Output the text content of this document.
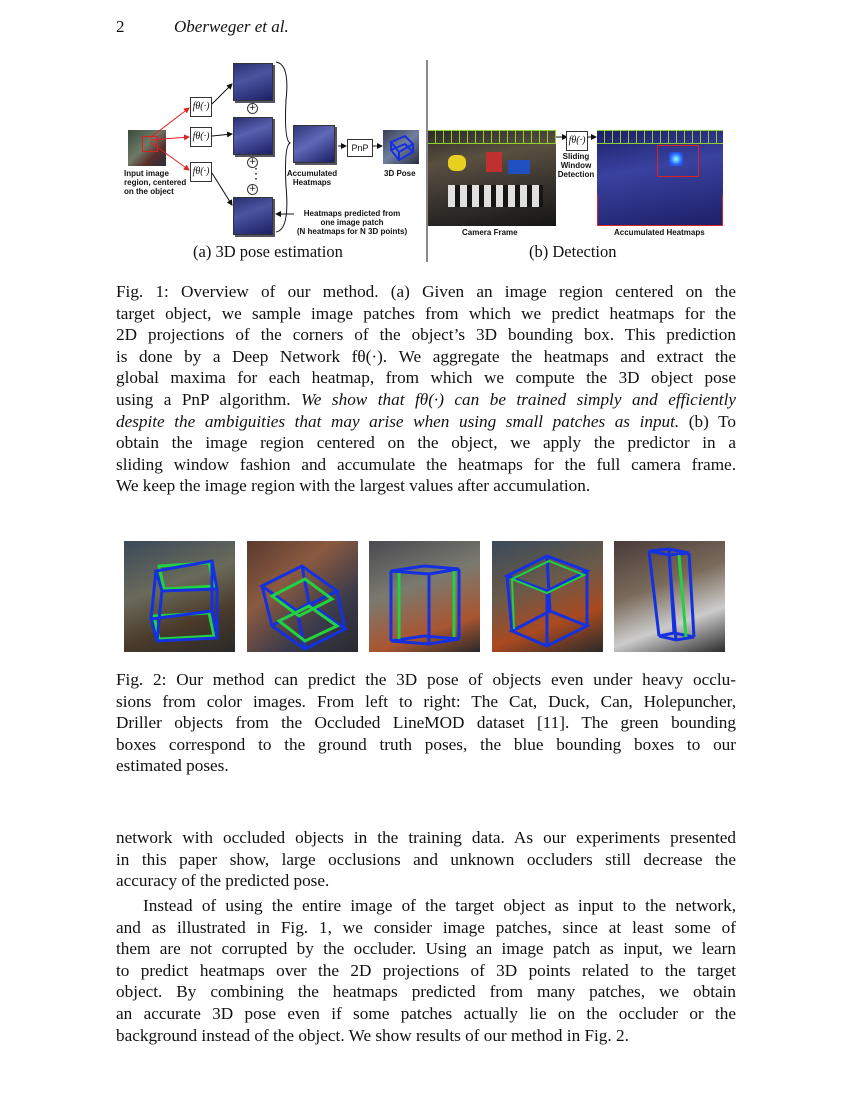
2	Oberweger et al.
Input image
region, centered
on the object
fθ(·)
fθ(·)
fθ(·)
+
+
⋮
+
Accumulated
Heatmaps
PnP
3D Pose
Heatmaps predicted from
one image patch
(N heatmaps for N 3D points)	Camera Frame
fθ(·)
Sliding
Window
Detection
Accumulated Heatmaps
(a) 3D pose estimation	(b) Detection
Fig. 1: Overview of our method. (a) Given an image region centered on the
target object, we sample image patches from which we predict heatmaps for the
2D projections of the corners of the object’s 3D bounding box. This prediction
is done by a Deep Network fθ(·). We aggregate the heatmaps and extract the
global maxima for each heatmap, from which we compute the 3D object pose
using a PnP algorithm. We show that fθ(·) can be trained simply and efficiently
despite the ambiguities that may arise when using small patches as input. (b) To
obtain the image region centered on the object, we apply the predictor in a
sliding window fashion and accumulate the heatmaps for the full camera frame.
We keep the image region with the largest values after accumulation.
Fig. 2: Our method can predict the 3D pose of objects even under heavy occlu-
sions from color images. From left to right: The Cat, Duck, Can, Holepuncher,
Driller objects from the Occluded LineMOD dataset [11]. The green bounding
boxes correspond to the ground truth poses, the blue bounding boxes to our
estimated poses.
network with occluded objects in the training data. As our experiments presented
in this paper show, large occlusions and unknown occluders still decrease the
accuracy of the predicted pose.
Instead of using the entire image of the target object as input to the network,
and as illustrated in Fig. 1, we consider image patches, since at least some of
them are not corrupted by the occluder. Using an image patch as input, we learn
to predict heatmaps over the 2D projections of 3D points related to the target
object. By combining the heatmaps predicted from many patches, we obtain
an accurate 3D pose even if some patches actually lie on the occluder or the
background instead of the object. We show results of our method in Fig. 2.
